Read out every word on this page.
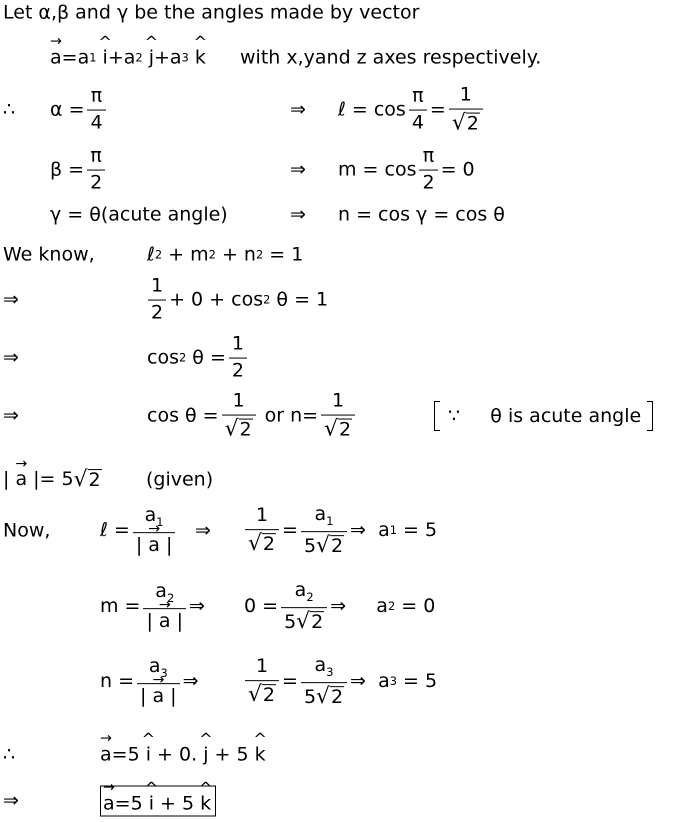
Let α,β and γ be the angles made by vector
→ a = a 1
^ i + a 2
^ j + a 3
^ k with x,yand z axes respectively.
∴ $\alpha = \frac{\pi}{4}$	⇒ ℓ = $\cos \frac{\pi}{4} = \frac{1}{√ 2}$
$\beta = \frac{\pi}{2}$	⇒ $m = \cos \frac{\pi}{2} = 0$
γ = θ(acute angle)	⇒ n = cos γ = cos θ
We know,	ℓ 2
+
m 2
+
n 2
= 1
⇒	$\frac{1}{2} + 0 + \cos 2$
θ = 1
⇒	cos 2
$\theta = \frac{1}{2}$
⇒	$\cos \theta = \frac{1}{√ 2}$
or $n= \frac{1}{√ 2}$	∵
θ is acute angle
|
→ a
|= 5 √ 2 (given)
Now,	ℓ = $\frac{a_1}{| \to a |}$ ⇒ $\frac{1}{√ 2} = \frac{a_1}{5 √ 2}$ ⇒
a 1
= 5
$m = \frac{a_2}{| \to a |}$ ⇒ $0 = \frac{a_2}{5 √ 2}$ ⇒
a 2
= 0
$n = \frac{a_3}{| \to a |}$ ⇒ $\frac{1}{√ 2} = \frac{a_3}{5 √ 2}$ ⇒
a 3
= 5
∴	→ a =5
^ i
+
0.
^ j
+ 5
^ k
⇒	→ a =5
^ i
+ 5
^ k
